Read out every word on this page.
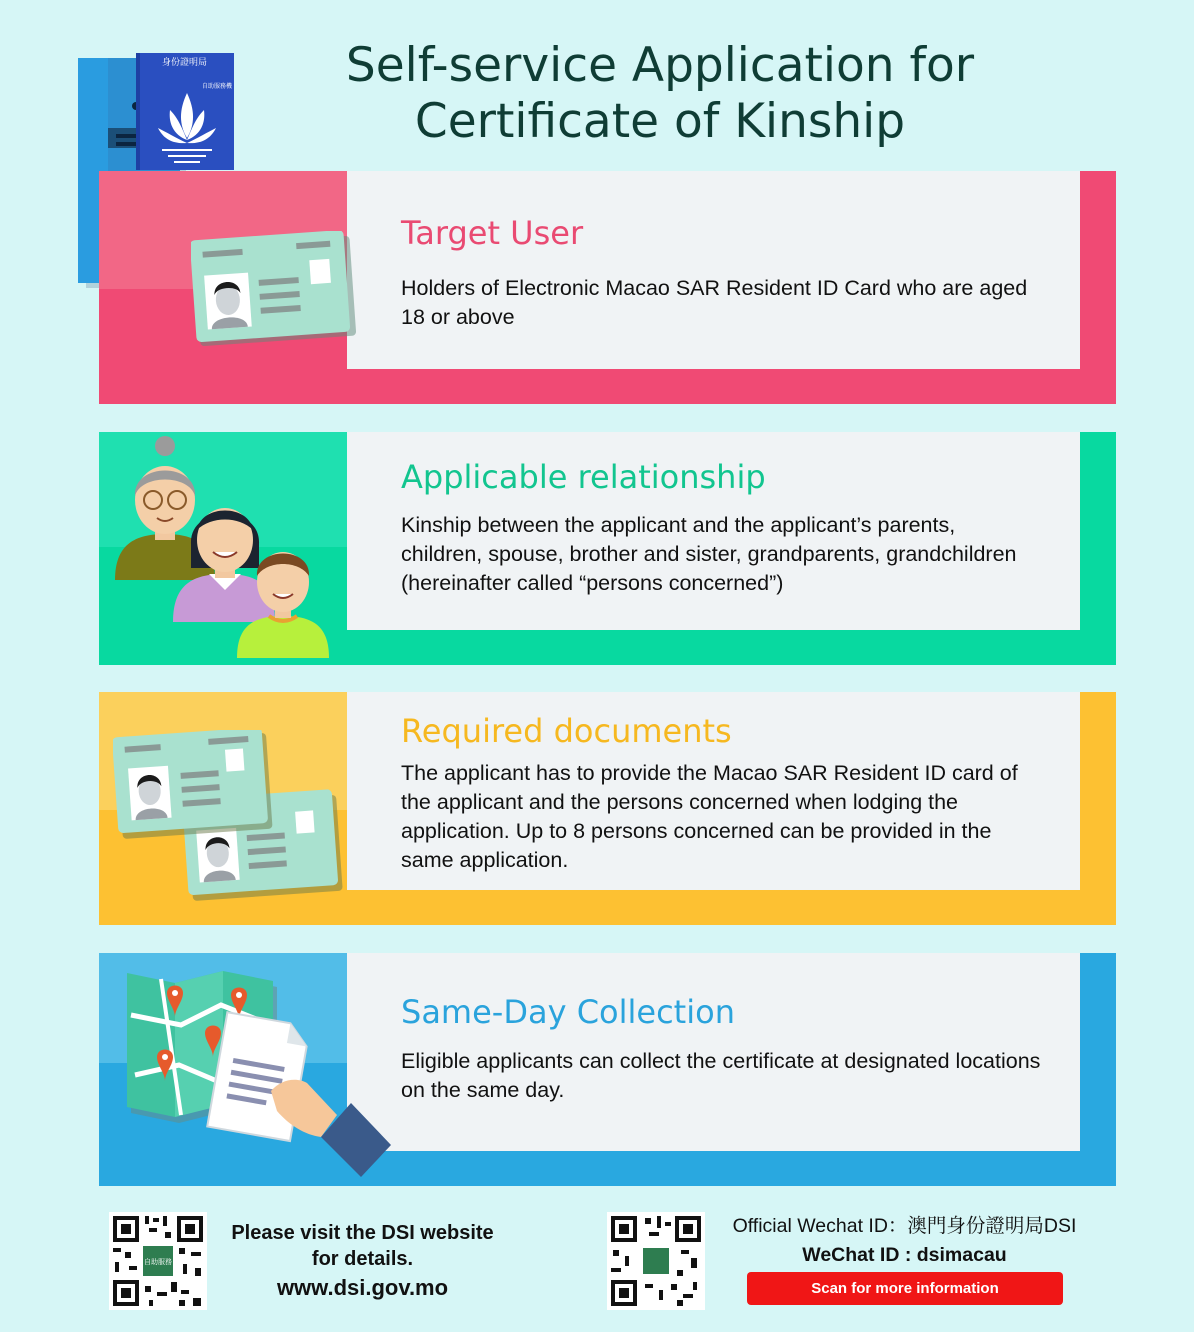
身份證明局
自助服務機	Self-service Application for
Certificate of Kinship
Target User
Holders of Electronic Macao SAR Resident ID Card who are aged 18 or above
Applicable relationship
Kinship between the applicant and the applicant’s parents, children, spouse, brother and sister, grandparents, grandchildren (hereinafter called “persons concerned”)
Required documents
The applicant has to provide the Macao SAR Resident ID card of the applicant and the persons concerned when lodging the application. Up to 8 persons concerned can be provided in the same application.
Same-Day Collection
Eligible applicants can collect the certificate at designated locations on the same day.
自助服務
Please visit the DSI website
for details.
www.dsi.gov.mo
Official Wechat ID：澳門身份證明局DSI
WeChat ID : dsimacau
Scan for more information
